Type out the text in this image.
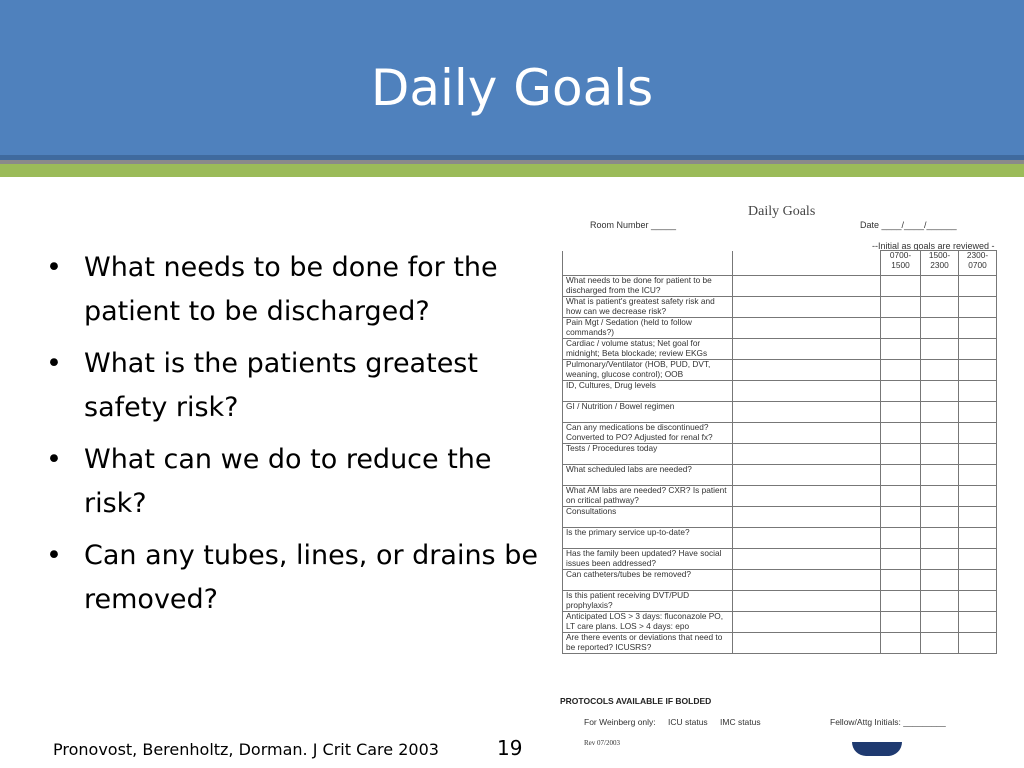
Daily Goals
• What needs to be done for the patient to be discharged?
• What is the patients greatest safety risk?
• What can we do to reduce the risk?
• Can any tubes, lines, or drains be removed?
Daily Goals
Room Number _____	Date ____/____/______
--Initial as goals are reviewed -
		0700-1500	1500-2300	2300-0700
What needs to be done for patient to be discharged from the ICU?				
What is patient's greatest safety risk and how can we decrease risk?				
Pain Mgt / Sedation (held to follow commands?)				
Cardiac / volume status; Net goal for midnight; Beta blockade; review EKGs				
Pulmonary/Ventilator (HOB, PUD, DVT, weaning, glucose control); OOB				
ID, Cultures, Drug levels				
GI / Nutrition / Bowel regimen				
Can any medications be discontinued? Converted to PO? Adjusted for renal fx?				
Tests / Procedures today				
What scheduled labs are needed?				
What AM labs are needed? CXR? Is patient on critical pathway?				
Consultations				
Is the primary service up-to-date?				
Has the family been updated? Have social issues been addressed?				
Can catheters/tubes be removed?				
Is this patient receiving DVT/PUD prophylaxis?				
Anticipated LOS > 3 days: fluconazole PO, LT care plans. LOS > 4 days: epo				
Are there events or deviations that need to be reported? ICUSRS?				
PROTOCOLS AVAILABLE IF BOLDED
For Weinberg only: ICU status IMC status	Fellow/Attg Initials: _________
Rev 07/2003
Pronovost, Berenholtz, Dorman. J Crit Care 2003	19
